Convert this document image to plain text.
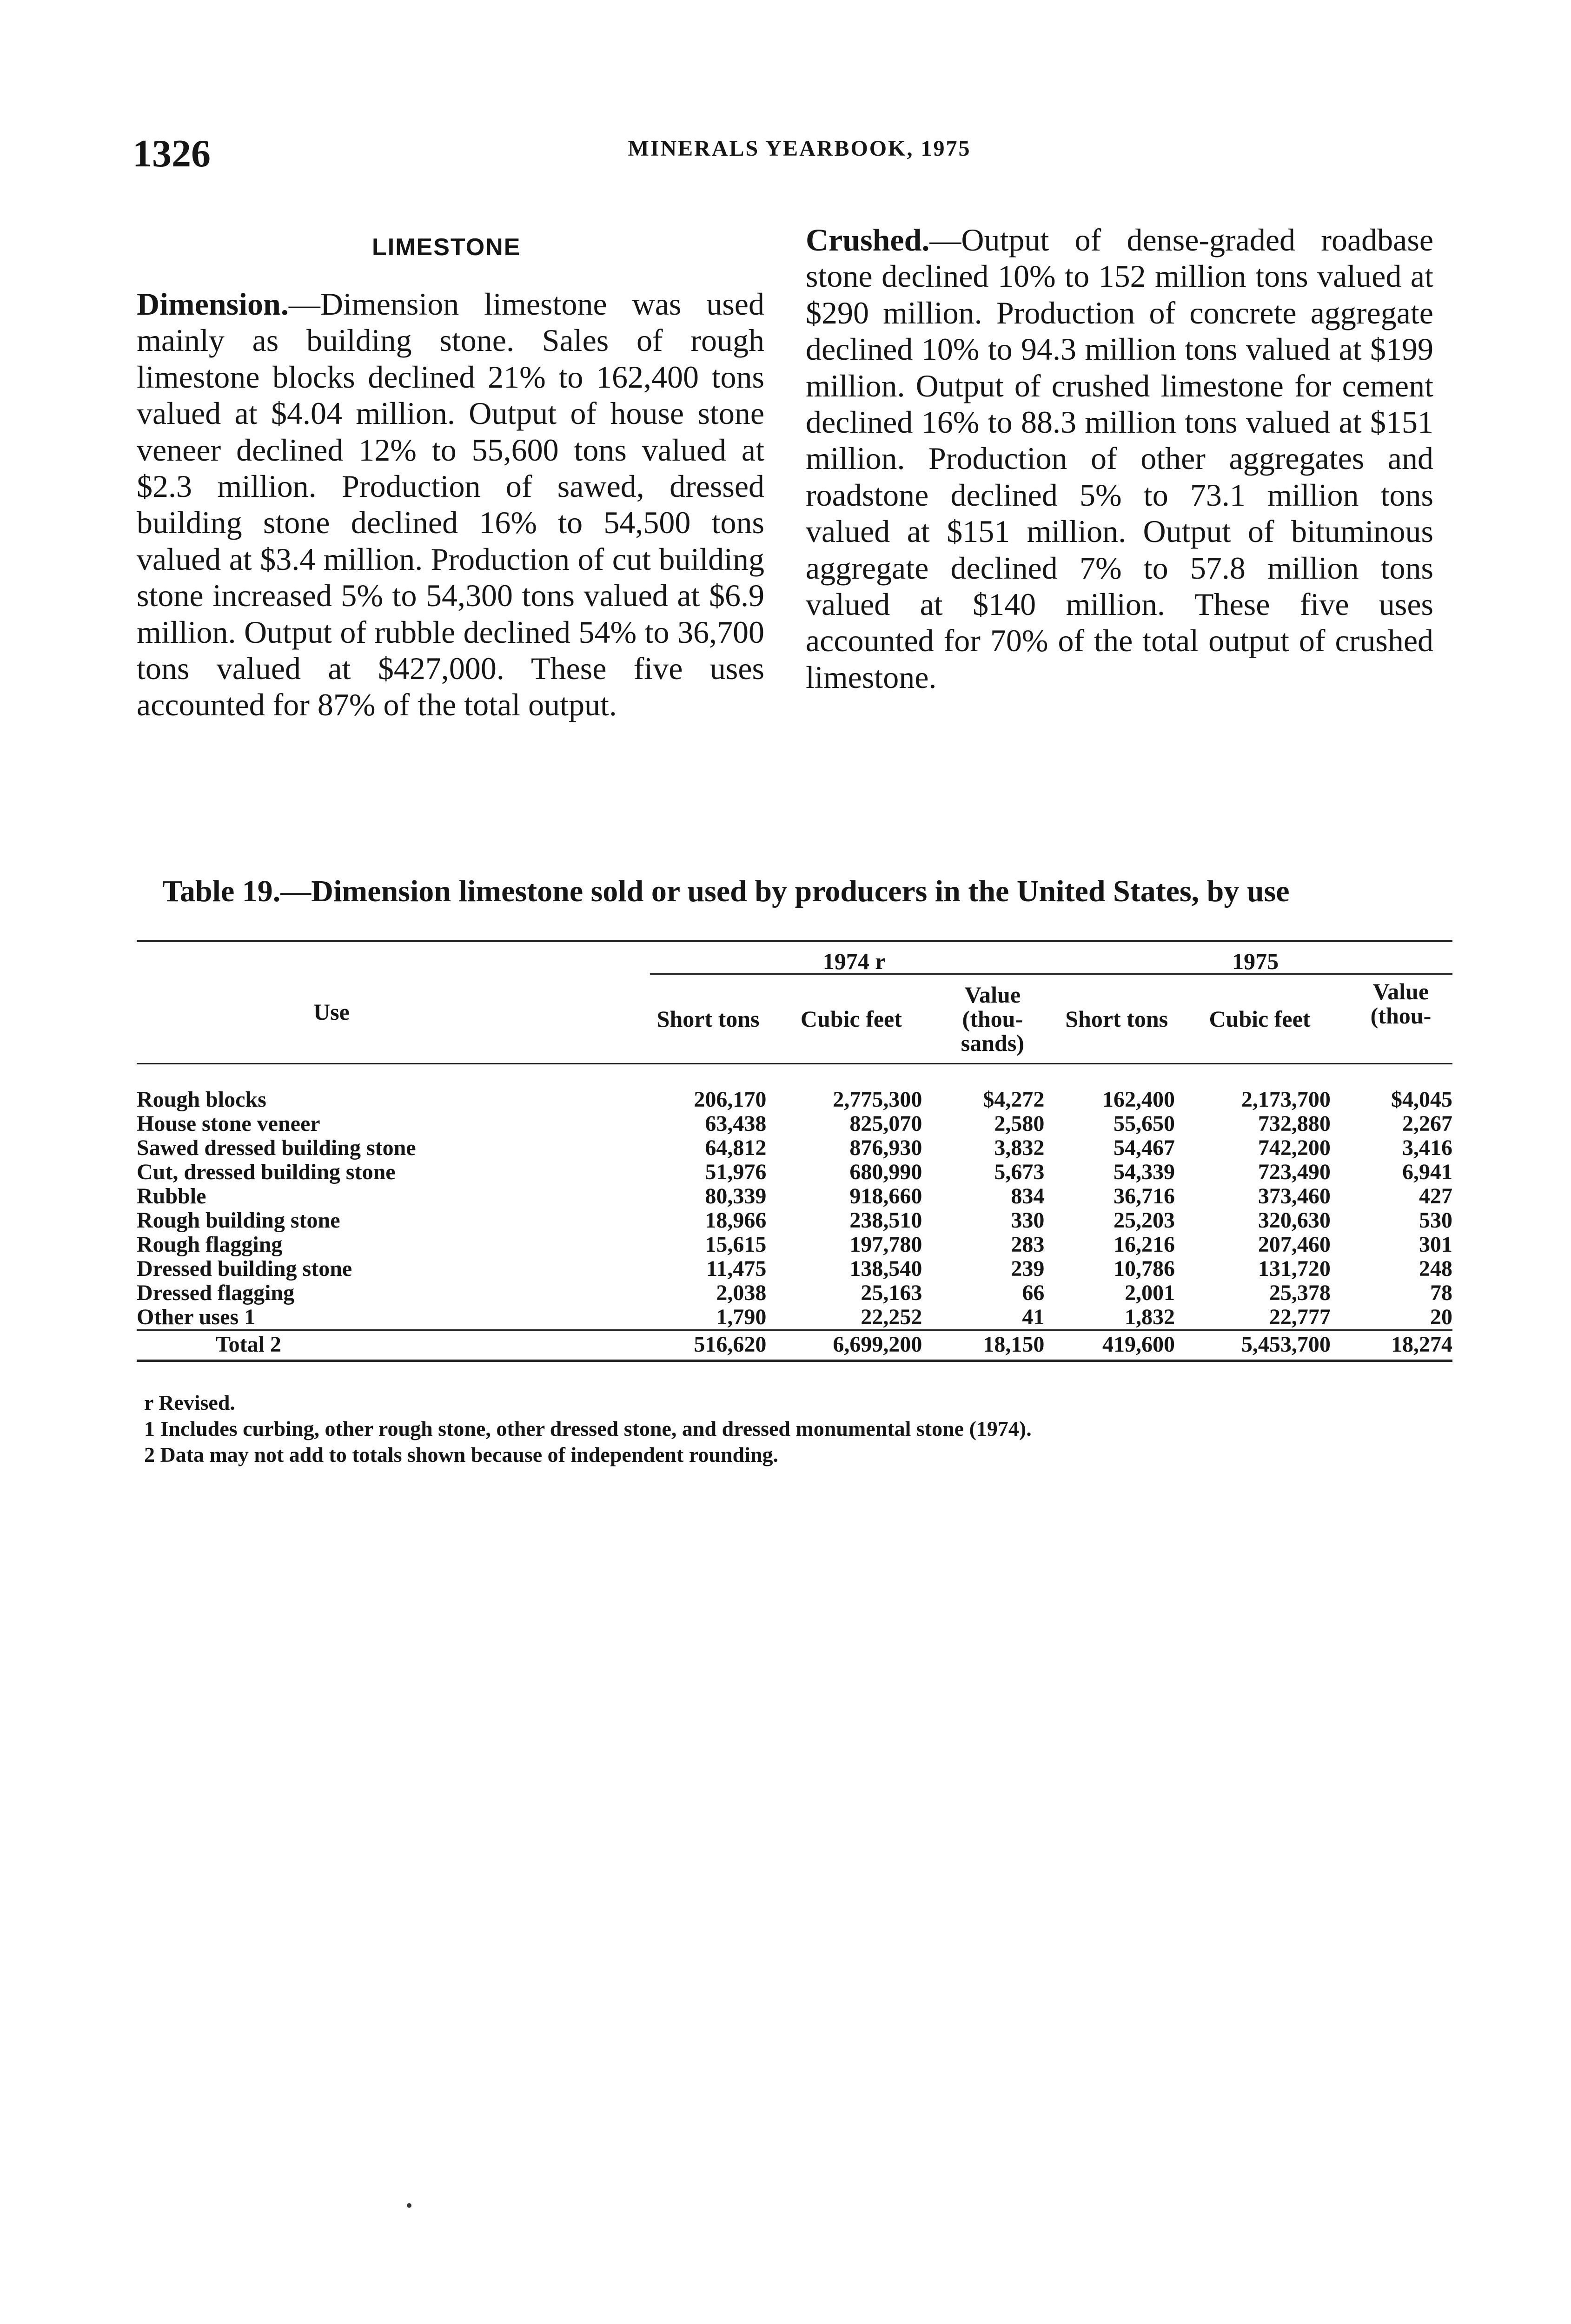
1326	MINERALS YEARBOOK, 1975
LIMESTONE
Dimension.—Dimension limestone was used mainly as building stone. Sales of rough limestone blocks declined 21% to 162,400 tons valued at $4.04 million. Output of house stone veneer declined 12% to 55,600 tons valued at $2.3 million. Production of sawed, dressed building stone declined 16% to 54,500 tons valued at $3.4 million. Production of cut building stone increased 5% to 54,300 tons valued at $6.9 million. Output of rubble declined 54% to 36,700 tons valued at $427,000. These five uses accounted for 87% of the total output.
Crushed.—Output of dense-graded roadbase stone declined 10% to 152 million tons valued at $290 million. Production of concrete aggregate declined 10% to 94.3 million tons valued at $199 million. Output of crushed limestone for cement declined 16% to 88.3 million tons valued at $151 million. Production of other aggregates and roadstone declined 5% to 73.1 million tons valued at $151 million. Output of bituminous aggregate declined 7% to 57.8 million tons valued at $140 million. These five uses accounted for 70% of the total output of crushed limestone.
Table 19.—Dimension limestone sold or used by producers in the United States, by use
Use	1974 r			1975		
	Short tons	Cubic feet	Value (thou- sands)	Short tons	Cubic feet	Value (thou-
Rough blocks	206,170	2,775,300	$4,272	162,400	2,173,700	$4,045
House stone veneer	63,438	825,070	2,580	55,650	732,880	2,267
Sawed dressed building stone	64,812	876,930	3,832	54,467	742,200	3,416
Cut, dressed building stone	51,976	680,990	5,673	54,339	723,490	6,941
Rubble	80,339	918,660	834	36,716	373,460	427
Rough building stone	18,966	238,510	330	25,203	320,630	530
Rough flagging	15,615	197,780	283	16,216	207,460	301
Dressed building stone	11,475	138,540	239	10,786	131,720	248
Dressed flagging	2,038	25,163	66	2,001	25,378	78
Other uses 1	1,790	22,252	41	1,832	22,777	20
Total 2	516,620	6,699,200	18,150	419,600	5,453,700	18,274
r Revised.
1 Includes curbing, other rough stone, other dressed stone, and dressed monumental stone (1974).
2 Data may not add to totals shown because of independent rounding.
